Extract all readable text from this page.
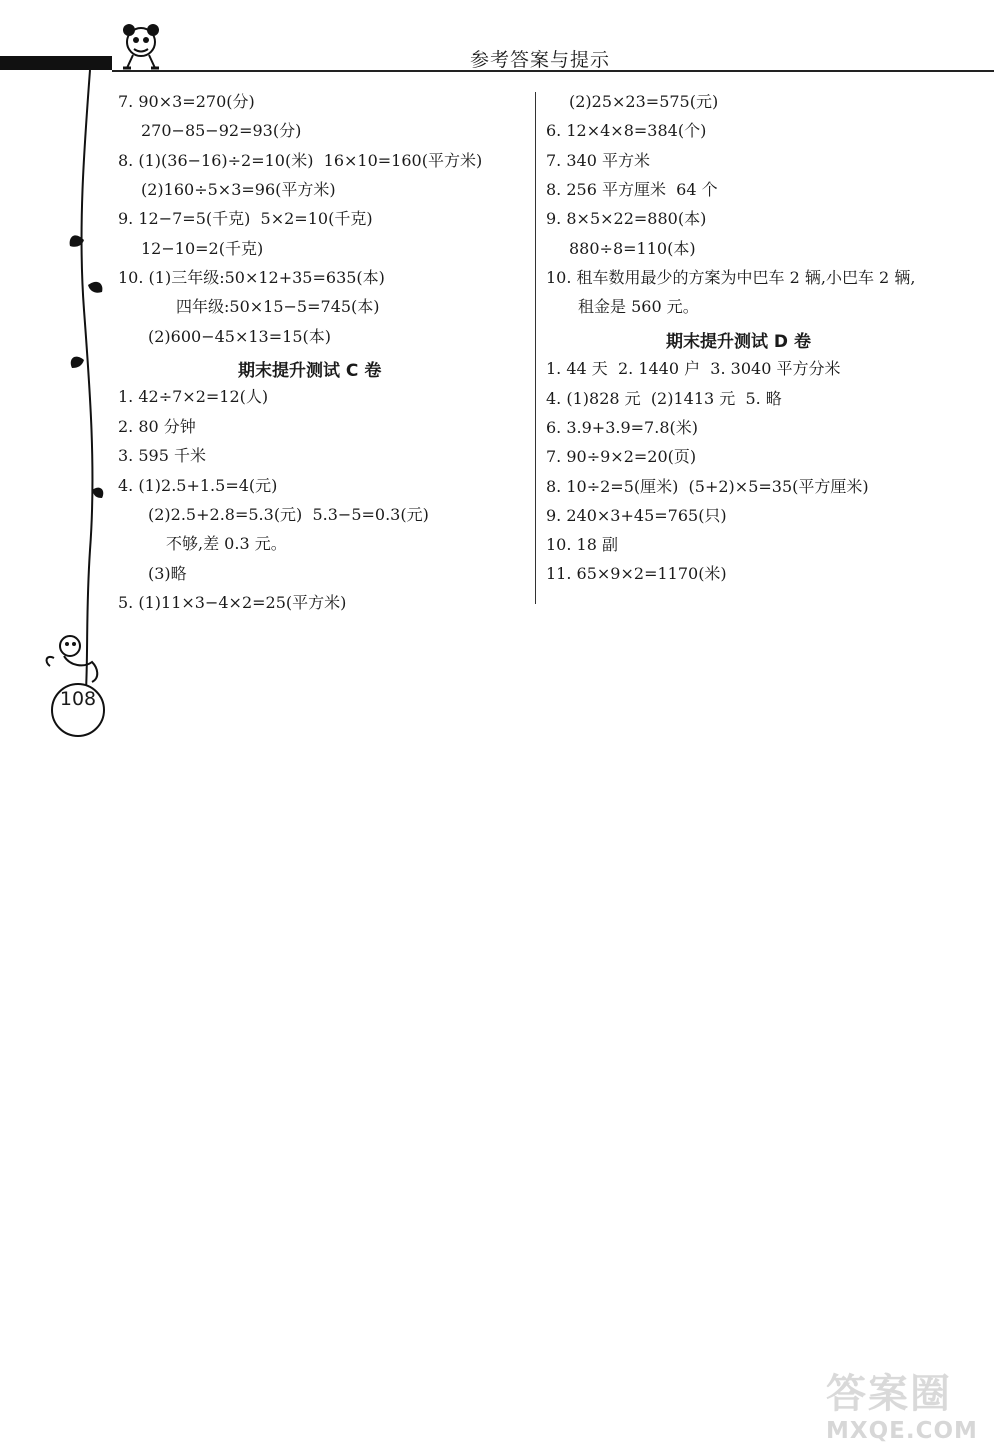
参考答案与提示
108
7. 90×3=270(分)
270−85−92=93(分)
8. (1)(36−16)÷2=10(米)  16×10=160(平方米)
(2)160÷5×3=96(平方米)
9. 12−7=5(千克)  5×2=10(千克)
12−10=2(千克)
10. (1)三年级:50×12+35=635(本)
四年级:50×15−5=745(本)
(2)600−45×13=15(本)
期末提升测试 C 卷
1. 42÷7×2=12(人)
2. 80 分钟
3. 595 千米
4. (1)2.5+1.5=4(元)
(2)2.5+2.8=5.3(元)  5.3−5=0.3(元)
不够,差 0.3 元。
(3)略
5. (1)11×3−4×2=25(平方米)
(2)25×23=575(元)
6. 12×4×8=384(个)
7. 340 平方米
8. 256 平方厘米  64 个
9. 8×5×22=880(本)
880÷8=110(本)
10. 租车数用最少的方案为中巴车 2 辆,小巴车 2 辆,
租金是 560 元。
期末提升测试 D 卷
1. 44 天  2. 1440 户  3. 3040 平方分米
4. (1)828 元  (2)1413 元  5. 略
6. 3.9+3.9=7.8(米)
7. 90÷9×2=20(页)
8. 10÷2=5(厘米)  (5+2)×5=35(平方厘米)
9. 240×3+45=765(只)
10. 18 副
11. 65×9×2=1170(米)
答案圈
MXQE.COM
